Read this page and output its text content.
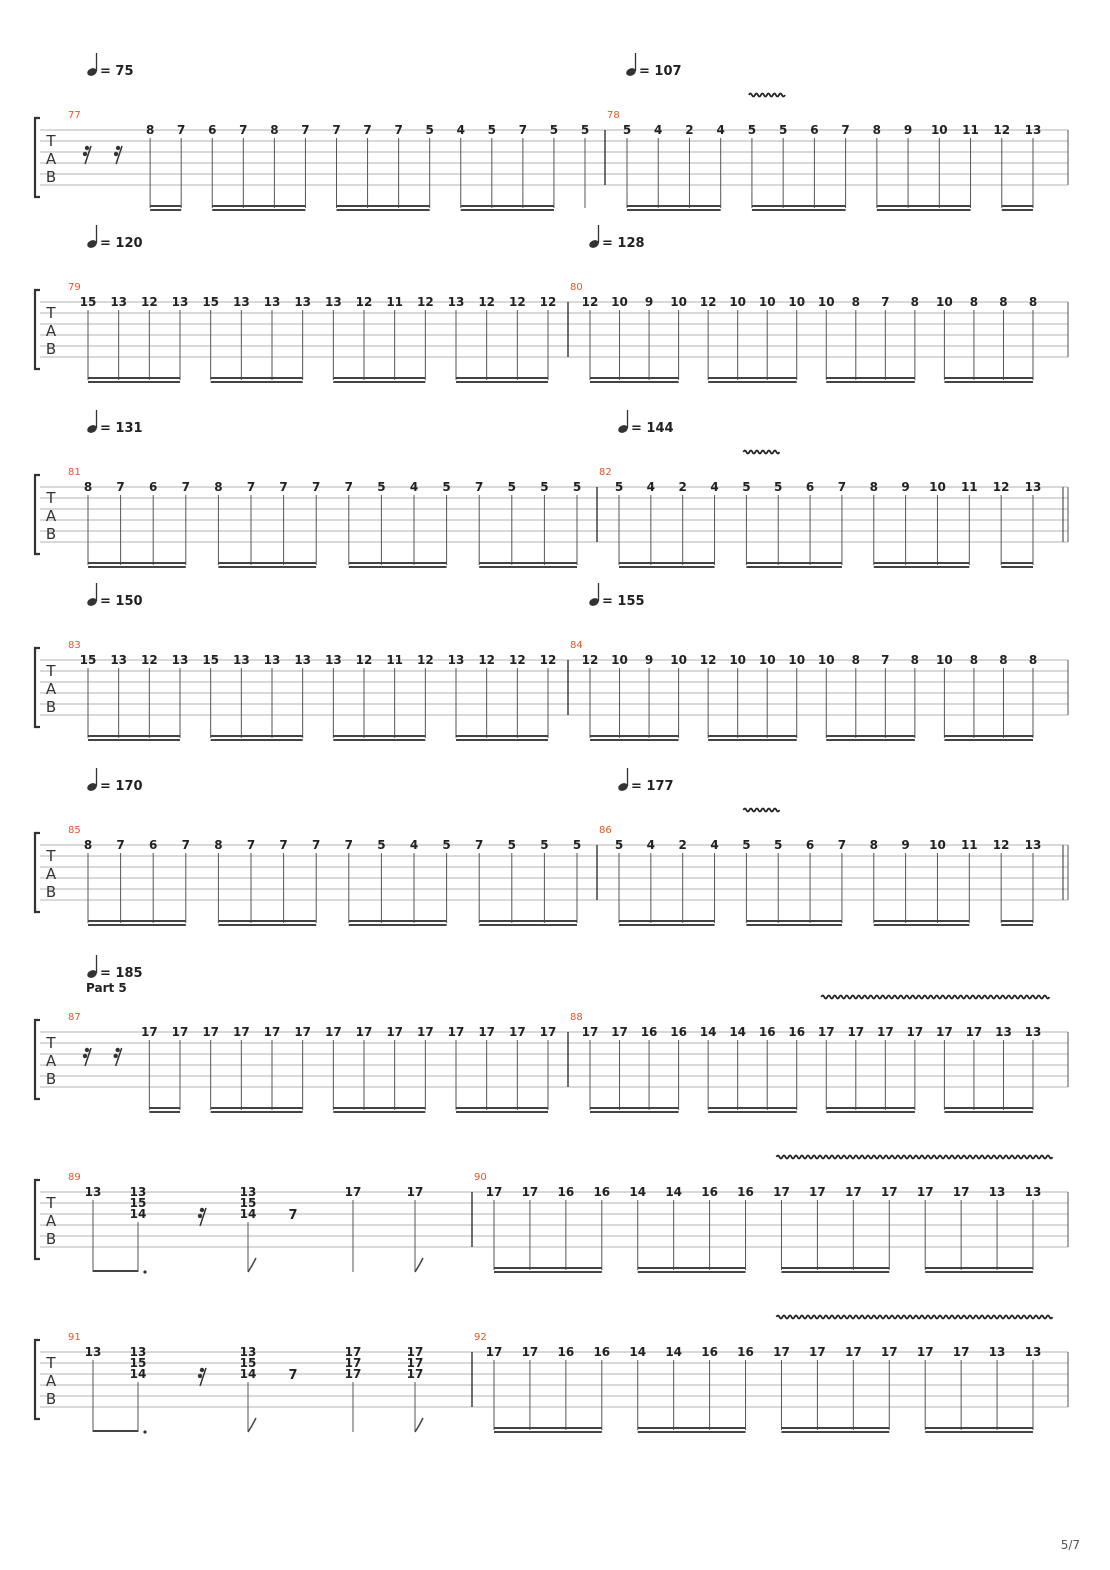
T
A
B
77
= 75
8 7 6 7 8 7 7 7 7 5 4 5 7 5 5
78
= 107
5 4 2 4 5 5 6 7 8 9 10 11 12 13
T
A
B
79
= 120
15 13 12 13 15 13 13 13 13 12 11 12 13 12 12 12
80
= 128
12 10 9 10 12 10 10 10 10 8 7 8 10 8 8 8
T
A
B
81
= 131
8 7 6 7 8 7 7 7 7 5 4 5 7 5 5 5
82
= 144
5 4 2 4 5 5 6 7 8 9 10 11 12 13
T
A
B
83
= 150
15 13 12 13 15 13 13 13 13 12 11 12 13 12 12 12
84
= 155
12 10 9 10 12 10 10 10 10 8 7 8 10 8 8 8
T
A
B
85
= 170
8 7 6 7 8 7 7 7 7 5 4 5 7 5 5 5
86
= 177
5 4 2 4 5 5 6 7 8 9 10 11 12 13
T
A
B
Part 5
87
= 185
17 17 17 17 17 17 17 17 17 17 17 17 17 17
88
17 17 16 16 14 14 16 16 17 17 17 17 17 17 13 13
T
A
B
89
13 13
15
14
13
15
14
17	17
7
90
17 17 16 16 14 14 16 16 17 17 17 17 17 17 13 13
T
A
B
91
13 13
15
14
13
15
14
17
17
17
17
17
17
7
92
17 17 16 16 14 14 16 16 17 17 17 17 17 17 13 13
5/7
